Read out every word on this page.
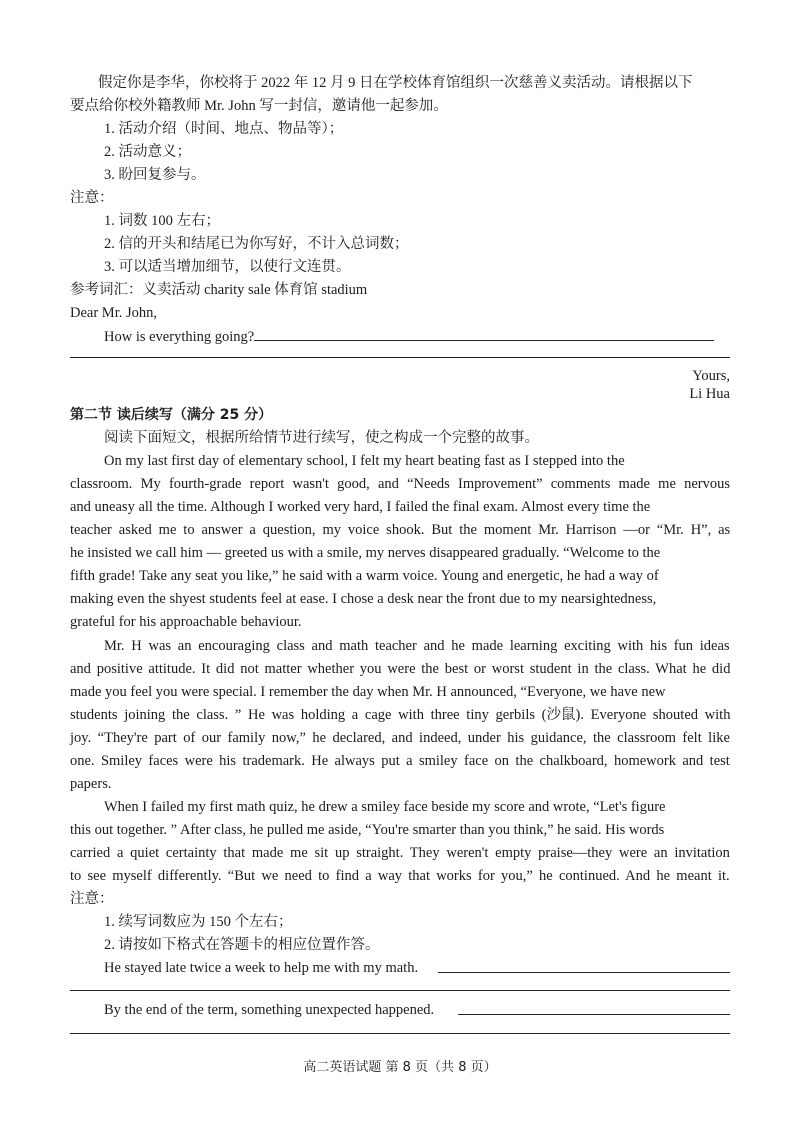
假定你是李华，你校将于 2022 年 12 月 9 日在学校体育馆组织一次慈善义卖活动。请根据以下
要点给你校外籍教师 Mr. John 写一封信，邀请他一起参加。
1. 活动介绍（时间、地点、物品等）；
2. 活动意义；
3. 盼回复参与。
注意：
1. 词数 100 左右；
2. 信的开头和结尾已为你写好，不计入总词数；
3. 可以适当增加细节，以使行文连贯。
参考词汇：义卖活动 charity sale 体育馆 stadium
Dear Mr. John,
How is everything going?
Yours,
Li Hua
第二节 读后续写（满分 25 分）
阅读下面短文，根据所给情节进行续写，使之构成一个完整的故事。
On my last first day of elementary school, I felt my heart beating fast as I stepped into the
classroom. My fourth-grade report wasn't good, and “Needs Improvement” comments made me nervous
and uneasy all the time. Although I worked very hard, I failed the final exam. Almost every time the
teacher asked me to answer a question, my voice shook. But the moment Mr. Harrison —or “Mr. H”, as
he insisted we call him — greeted us with a smile, my nerves disappeared gradually. “Welcome to the
fifth grade! Take any seat you like,” he said with a warm voice. Young and energetic, he had a way of
making even the shyest students feel at ease. I chose a desk near the front due to my nearsightedness,
grateful for his approachable behaviour.
Mr. H was an encouraging class and math teacher and he made learning exciting with his fun ideas
and positive attitude. It did not matter whether you were the best or worst student in the class. What he did
made you feel you were special. I remember the day when Mr. H announced, “Everyone, we have new
students joining the class. ” He was holding a cage with three tiny gerbils (沙鼠). Everyone shouted with
joy. “They're part of our family now,” he declared, and indeed, under his guidance, the classroom felt like
one. Smiley faces were his trademark. He always put a smiley face on the chalkboard, homework and test
papers.
When I failed my first math quiz, he drew a smiley face beside my score and wrote, “Let's figure
this out together. ” After class, he pulled me aside, “You're smarter than you think,” he said. His words
carried a quiet certainty that made me sit up straight. They weren't empty praise—they were an invitation
to see myself differently. “But we need to find a way that works for you,” he continued. And he meant it.
注意：
1. 续写词数应为 150 个左右；
2. 请按如下格式在答题卡的相应位置作答。
He stayed late twice a week to help me with my math.
By the end of the term, something unexpected happened.
高二英语试题 第 8 页（共 8 页）
